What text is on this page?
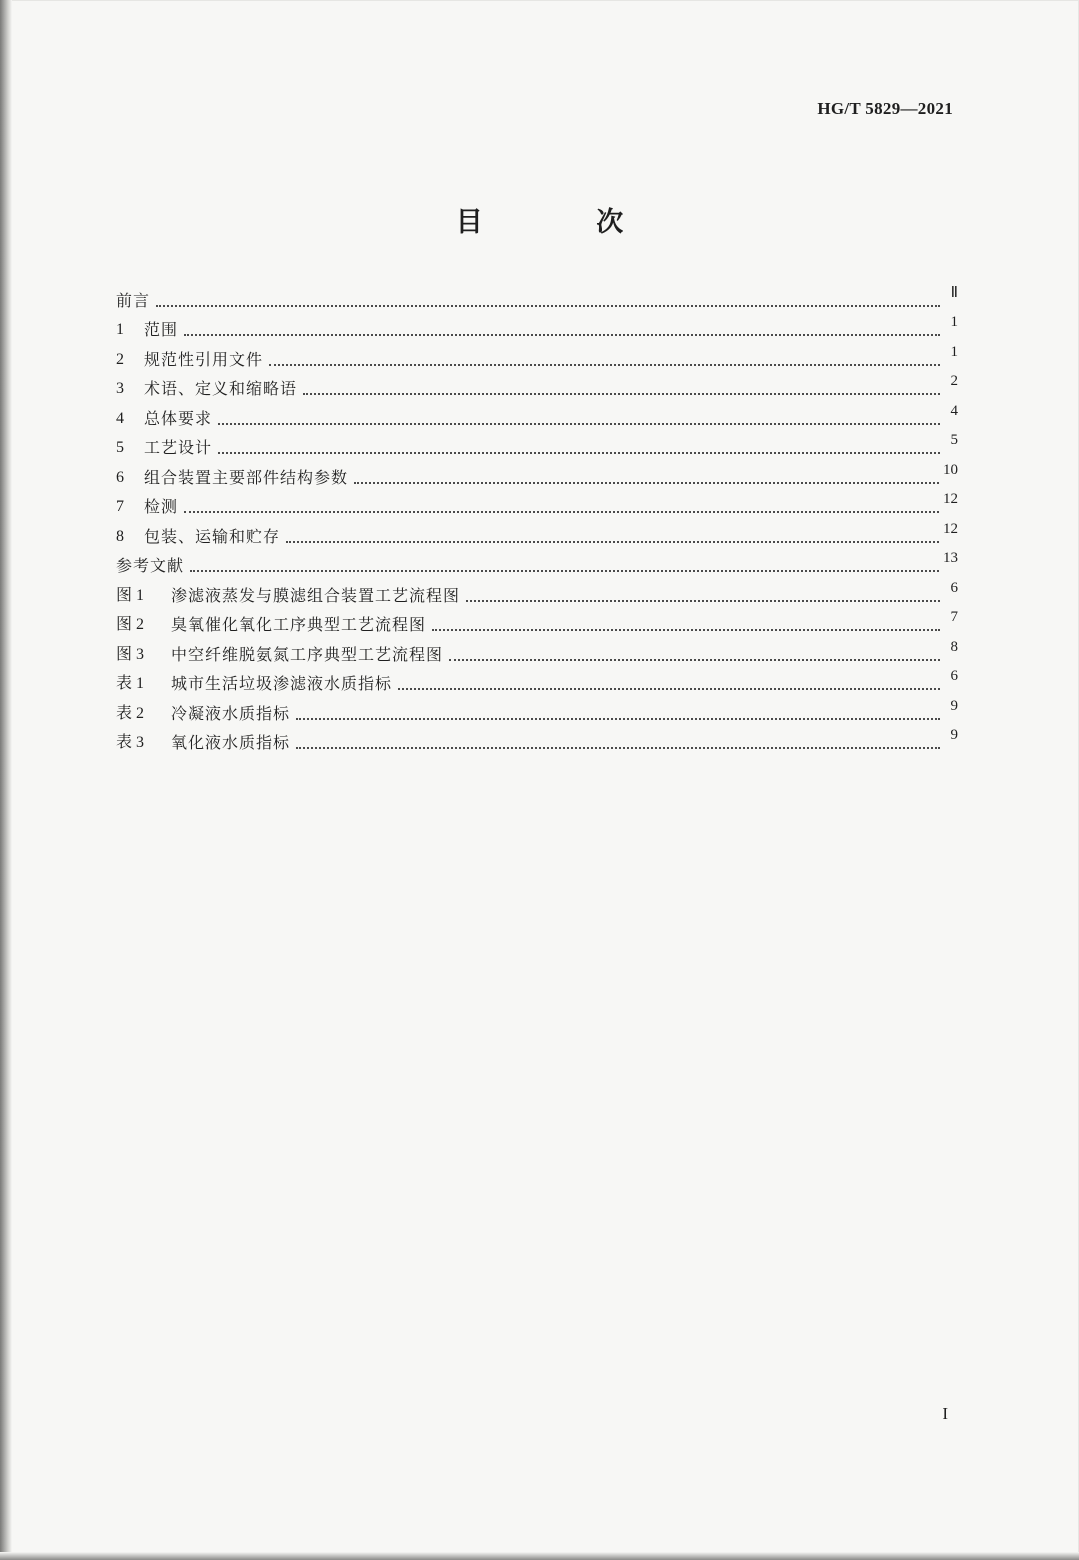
HG/T 5829—2021
目 次
前言	Ⅱ
1	范围	1
2	规范性引用文件	1
3	术语、定义和缩略语	2
4	总体要求	4
5	工艺设计	5
6	组合装置主要部件结构参数	10
7	检测	12
8	包装、运输和贮存	12
参考文献	13
图 1	渗滤液蒸发与膜滤组合装置工艺流程图	6
图 2	臭氧催化氧化工序典型工艺流程图	7
图 3	中空纤维脱氨氮工序典型工艺流程图	8
表 1	城市生活垃圾渗滤液水质指标	6
表 2	冷凝液水质指标	9
表 3	氧化液水质指标	9
I
